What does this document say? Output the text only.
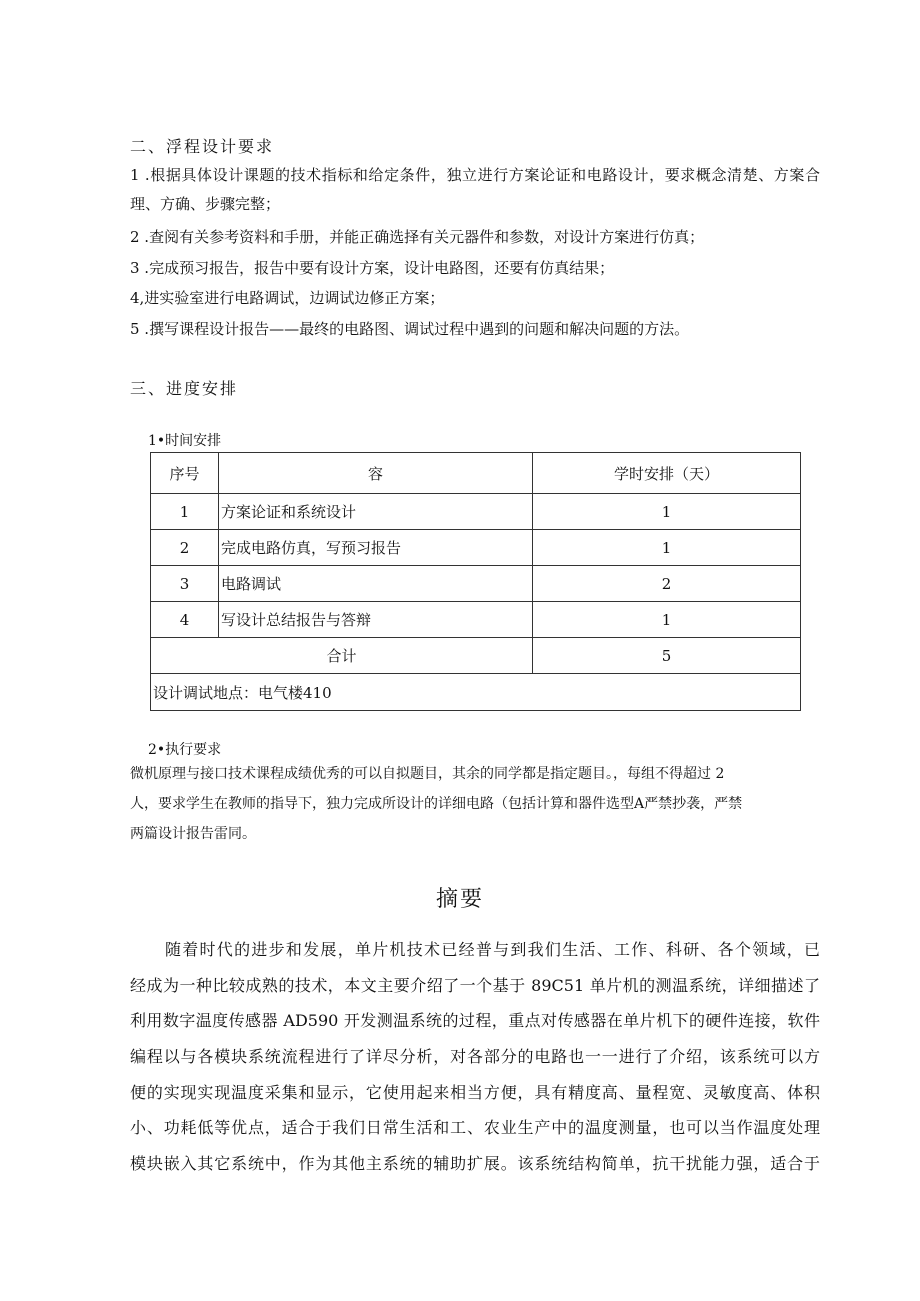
二、浮程设计要求
1 .根据具体设计课题的技术指标和给定条件，独立进行方案论证和电路设计，要求概念清楚、方案合
理、方确、步骤完整；
2 .查阅有关参考资料和手册，并能正确选择有关元器件和参数，对设计方案进行仿真；
3 .完成预习报告，报告中要有设计方案，设计电路图，还要有仿真结果；
4,进实验室进行电路调试，边调试边修正方案；
5 .撰写课程设计报告——最终的电路图、调试过程中遇到的问题和解决问题的方法。
三、进度安排
1•时间安排
序号	容	学时安排（天）
1	方案论证和系统设计	1
2	完成电路仿真，写预习报告	1
3	电路调试	2
4	写设计总结报告与答辩	1
合计		5
设计调试地点：电气楼410		
2•执行要求
微机原理与接口技术课程成绩优秀的可以自拟题目，其余的同学都是指定题目。，每组不得超过 2
人，要求学生在教师的指导下，独力完成所设计的详细电路（包括计算和器件选型A严禁抄袭，严禁
两篇设计报告雷同。
摘要
随着时代的进步和发展，单片机技术已经普与到我们生活、工作、科研、各个领域，已
经成为一种比较成熟的技术，本文主要介绍了一个基于 89C51 单片机的测温系统，详细描述了
利用数字温度传感器 AD590 开发测温系统的过程，重点对传感器在单片机下的硬件连接，软件
编程以与各模块系统流程进行了详尽分析，对各部分的电路也一一进行了介绍，该系统可以方
便的实现实现温度采集和显示，它使用起来相当方便，具有精度高、量程宽、灵敏度高、体积
小、功耗低等优点，适合于我们日常生活和工、农业生产中的温度测量，也可以当作温度处理
模块嵌入其它系统中，作为其他主系统的辅助扩展。该系统结构简单，抗干扰能力强，适合于
